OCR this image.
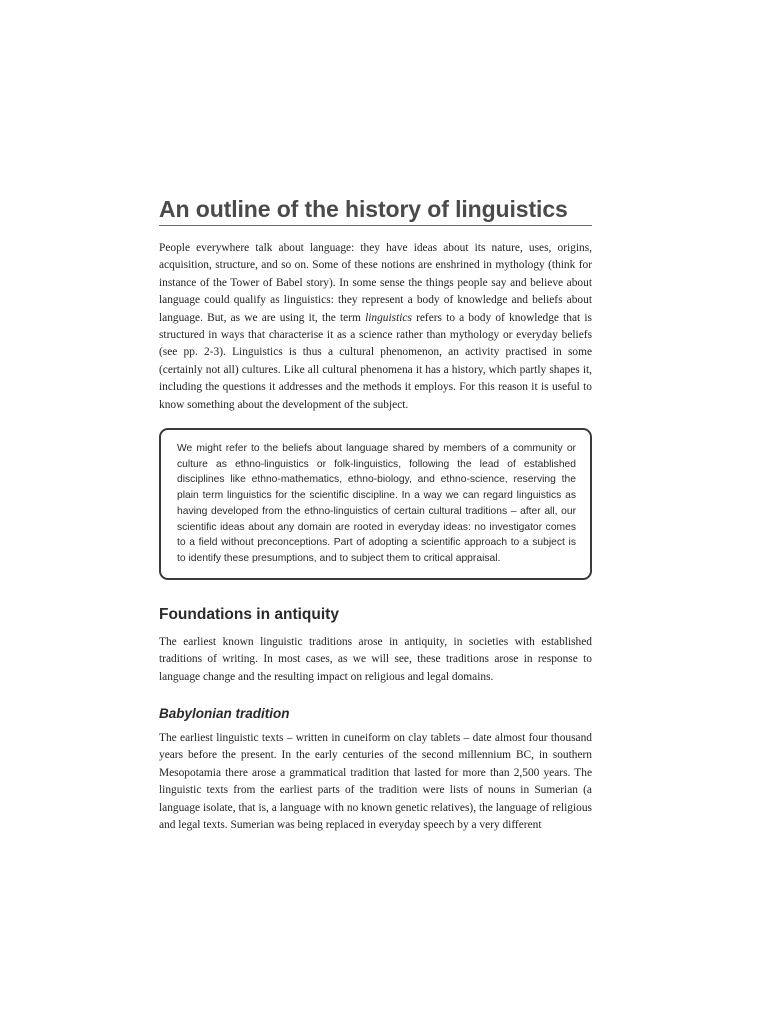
An outline of the history of linguistics

People everywhere talk about language: they have ideas about its nature, uses, origins, acquisition, structure, and so on. Some of these notions are enshrined in mythology (think for instance of the Tower of Babel story). In some sense the things people say and believe about language could qualify as linguistics: they represent a body of knowledge and beliefs about language. But, as we are using it, the term linguistics refers to a body of knowledge that is structured in ways that characterise it as a science rather than mythology or everyday beliefs (see pp. 2-3). Linguistics is thus a cultural phenomenon, an activity practised in some (certainly not all) cultures. Like all cultural phenomena it has a history, which partly shapes it, including the questions it addresses and the methods it employs. For this reason it is useful to know something about the development of the subject.

We might refer to the beliefs about language shared by members of a community or culture as ethno-linguistics or folk-linguistics, following the lead of established disciplines like ethno-mathematics, ethno-biology, and ethno-science, reserving the plain term linguistics for the scientific discipline. In a way we can regard linguistics as having developed from the ethno-linguistics of certain cultural traditions – after all, our scientific ideas about any domain are rooted in everyday ideas: no investigator comes to a field without preconceptions. Part of adopting a scientific approach to a subject is to identify these presumptions, and to subject them to critical appraisal.
Foundations in antiquity

The earliest known linguistic traditions arose in antiquity, in societies with established traditions of writing. In most cases, as we will see, these traditions arose in response to language change and the resulting impact on religious and legal domains.

Babylonian tradition

The earliest linguistic texts – written in cuneiform on clay tablets – date almost four thousand years before the present. In the early centuries of the second millennium BC, in southern Mesopotamia there arose a grammatical tradition that lasted for more than 2,500 years. The linguistic texts from the earliest parts of the tradition were lists of nouns in Sumerian (a language isolate, that is, a language with no known genetic relatives), the language of religious and legal texts. Sumerian was being replaced in everyday speech by a very different
